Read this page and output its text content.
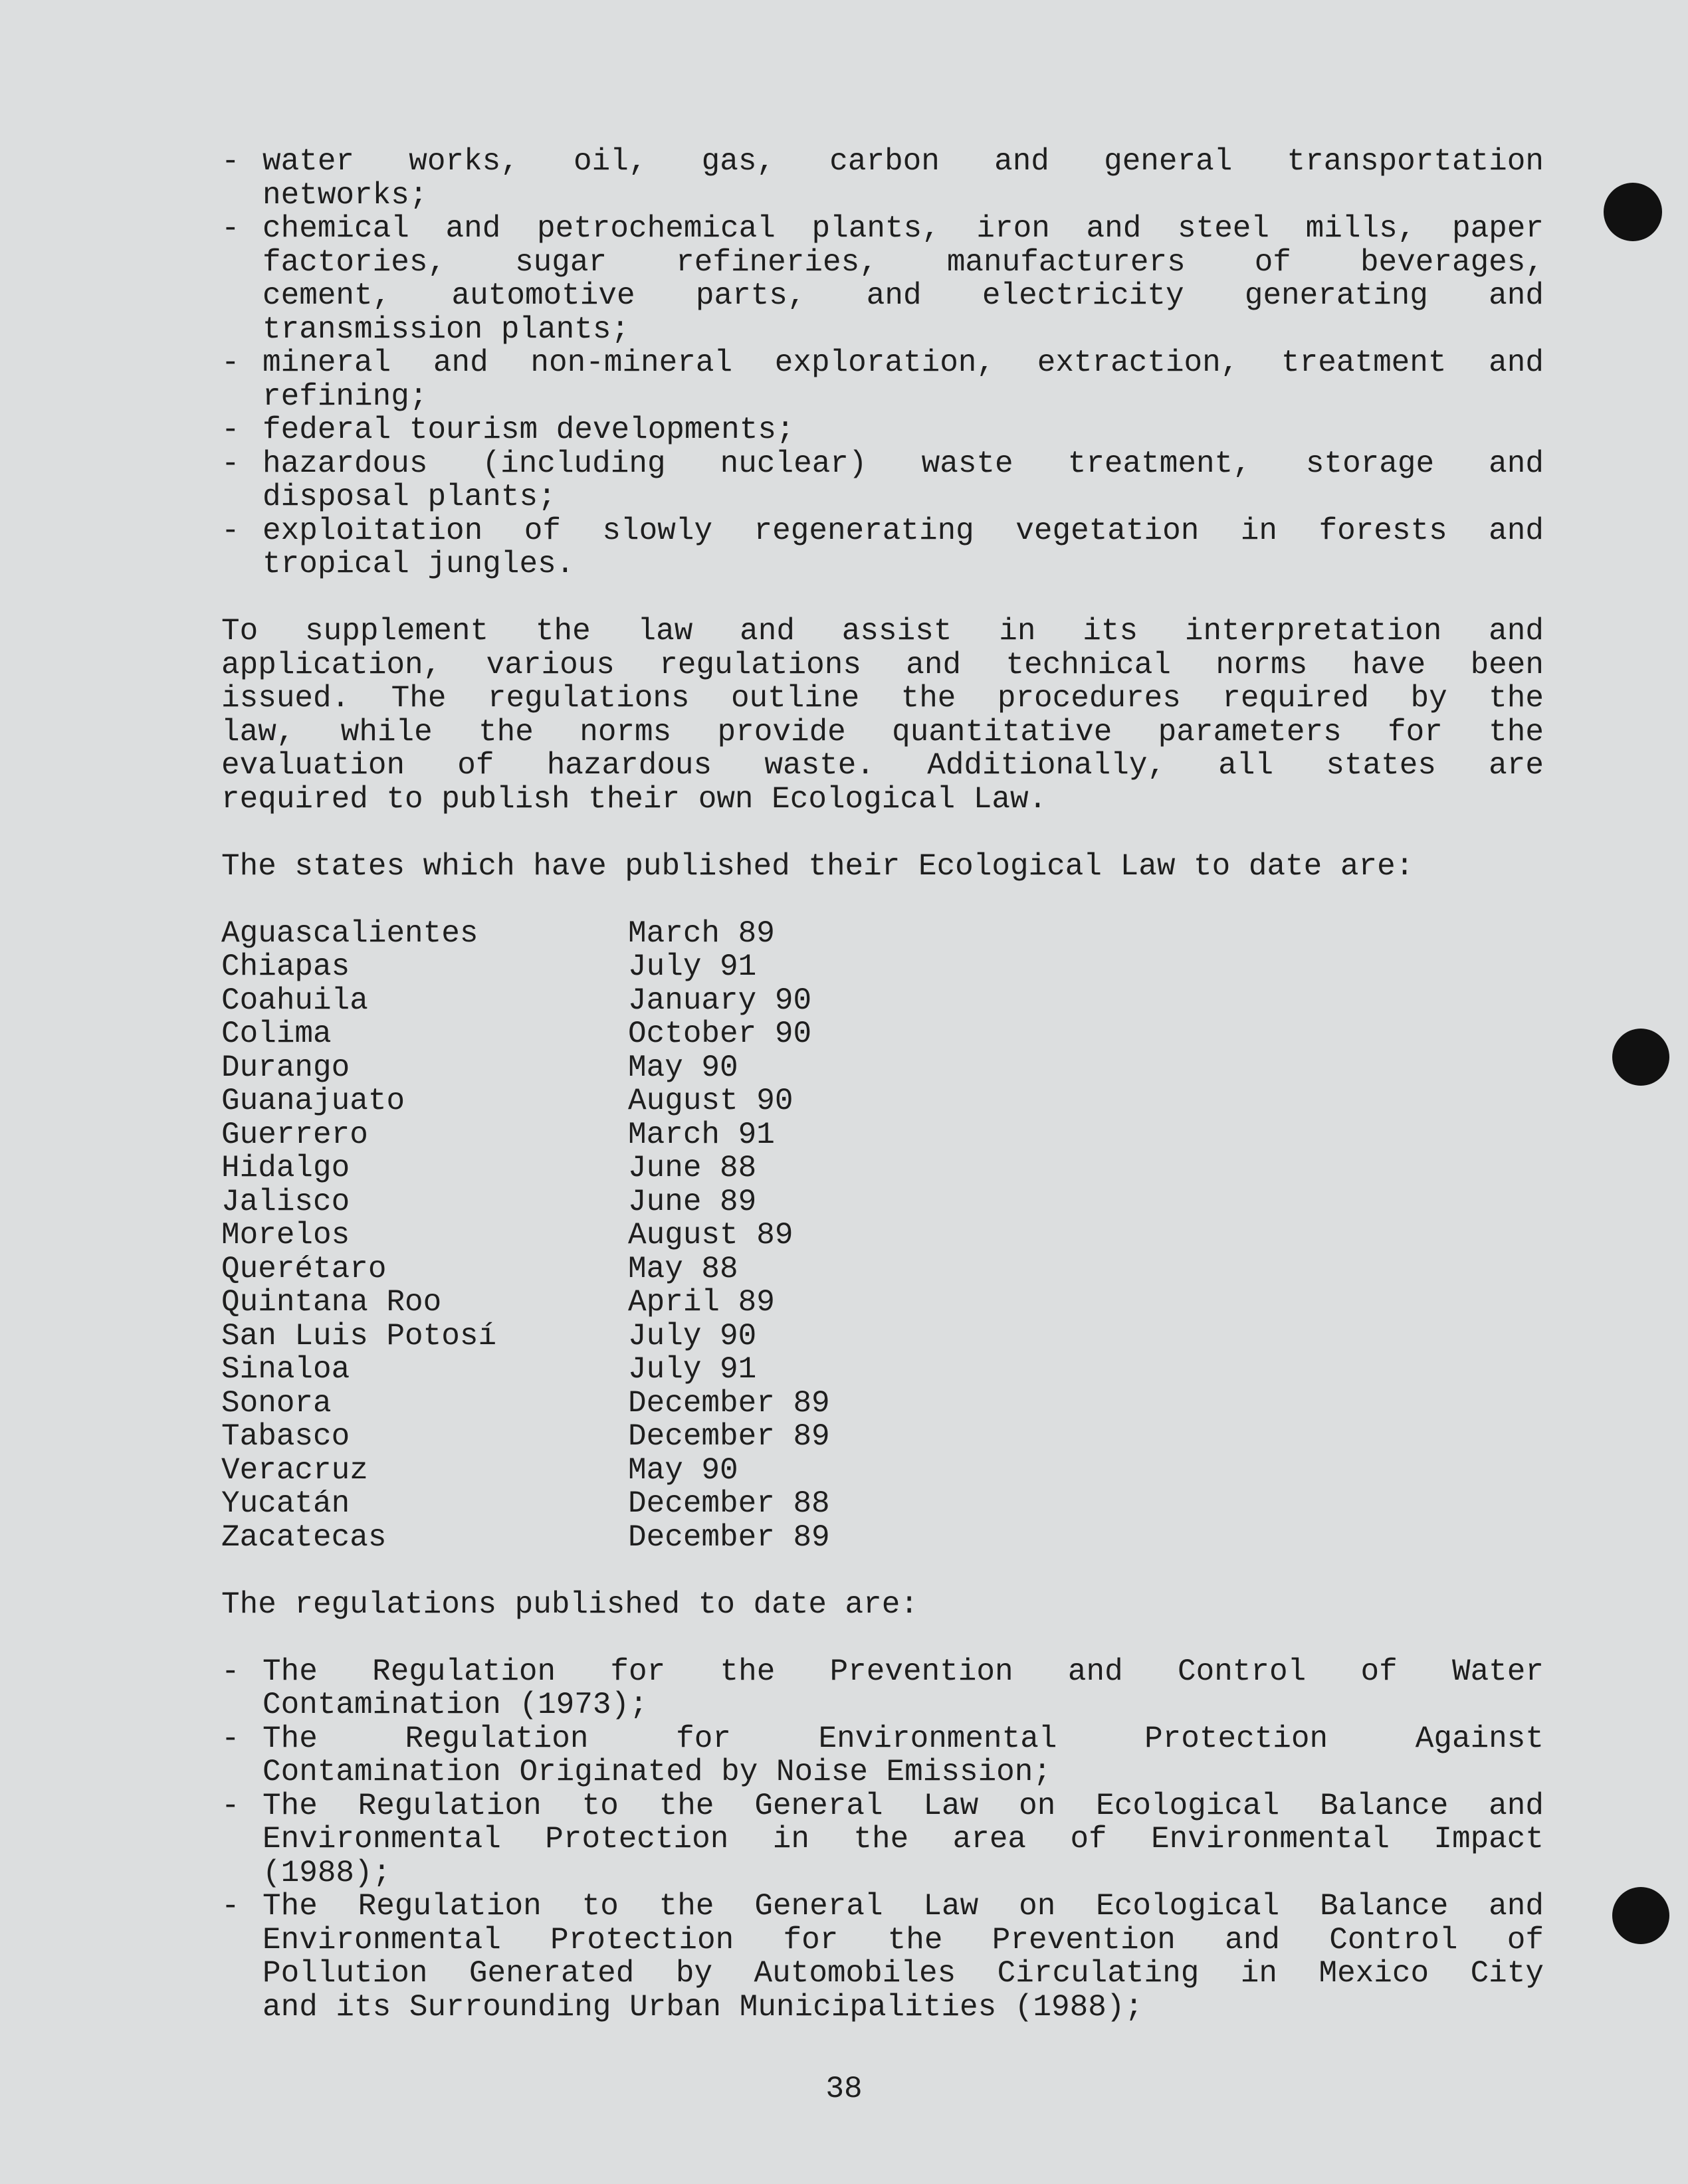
- water works, oil, gas, carbon and general transportation
networks;
- chemical and petrochemical plants, iron and steel mills, paper
factories, sugar refineries, manufacturers of beverages,
cement, automotive parts, and electricity generating and
transmission plants;
- mineral and non-mineral exploration, extraction, treatment and
refining;
- federal tourism developments;
- hazardous (including nuclear) waste treatment, storage and
disposal plants;
- exploitation of slowly regenerating vegetation in forests and
tropical jungles.
To supplement the law and assist in its interpretation and
application, various regulations and technical norms have been
issued. The regulations outline the procedures required by the
law, while the norms provide quantitative parameters for the
evaluation of hazardous waste. Additionally, all states are
required to publish their own Ecological Law.
The states which have published their Ecological Law to date are:
Aguascalientes	March 89
Chiapas	July 91
Coahuila	January 90
Colima	October 90
Durango	May 90
Guanajuato	August 90
Guerrero	March 91
Hidalgo	June 88
Jalisco	June 89
Morelos	August 89
Querétaro	May 88
Quintana Roo	April 89
San Luis Potosí	July 90
Sinaloa	July 91
Sonora	December 89
Tabasco	December 89
Veracruz	May 90
Yucatán	December 88
Zacatecas	December 89
The regulations published to date are:
- The Regulation for the Prevention and Control of Water
Contamination (1973);
- The Regulation for Environmental Protection Against
Contamination Originated by Noise Emission;
- The Regulation to the General Law on Ecological Balance and
Environmental Protection in the area of Environmental Impact
(1988);
- The Regulation to the General Law on Ecological Balance and
Environmental Protection for the Prevention and Control of
Pollution Generated by Automobiles Circulating in Mexico City
and its Surrounding Urban Municipalities (1988);
38
